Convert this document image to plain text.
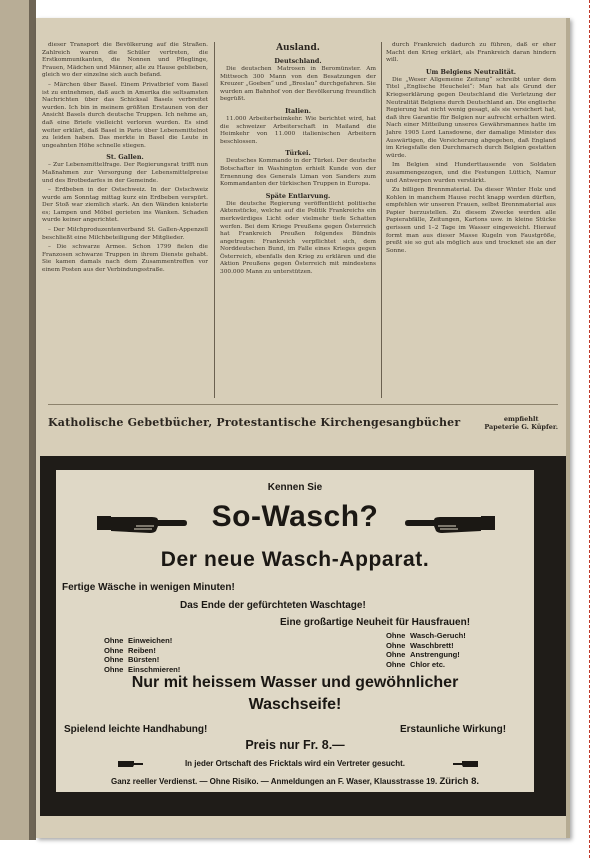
dieser Transport die Bevölkerung auf die Straßen. Zahlreich waren die Schüler vertreten, die Erstkommunikanten, die Nonnen und Pfleglinge, Frauen, Mädchen und Männer, alle zu Hause geblieben, gleich wo der einzelne sich auch befand.

– Märchen über Basel. Einem Privatbrief vom Basel ist zu entnehmen, daß auch in Amerika die seltsamsten Nachrichten über das Schicksal Basels verbreitet wurden. Ich bin in meinem größten Erstaunen von der Ansicht Basels durch deutsche Truppen. Ich nehme an, daß eine Briefe vielleicht verloren wurden. Es sind weiter erklärt, daß Basel in Paris über Lebensmittelnot zu leiden haben. Das merkte in Basel die Leute in ungeahnten Höhe schnelle stiegen.

St. Gallen.

– Zur Lebensmittelfrage. Der Regierungsrat trifft nun Maßnahmen zur Versorgung der Lebensmittelpreise und des Brotbedarfes in der Gemeinde.

– Erdbeben in der Ostschweiz. In der Ostschweiz wurde am Sonntag mittag kurz ein Erdbeben verspürt. Der Stoß war ziemlich stark. An den Wänden knisterte es; Lampen und Möbel gerieten ins Wanken. Schaden wurde keiner angerichtet.

– Der Milchproduzentenverband St. Gallen-Appenzell beschließt eine Milchbeteiligung der Mitglieder.

– Die schwarze Armee. Schon 1799 fielen die Franzosen schwarze Truppen in ihrem Dienste gehabt. Sie kamen damals nach dem Zusammentreffen vor einem Posten aus der Verbindungsstraße.

Ausland.
Deutschland.

Die deutschen Matrosen in Beromünster. Am Mittwoch 300 Mann von den Besatzungen der Kreuzer „Goeben“ und „Breslau“ durchgefahren. Sie wurden am Bahnhof von der Bevölkerung freundlich begrüßt.

Italien.

11.000 Arbeiterheimkehr. Wie berichtet wird, hat die schweizer Arbeiterschaft in Mailand die Heimkehr von 11.000 italienischen Arbeitern beschlossen.

Türkei.

Deutsches Kommando in der Türkei. Der deutsche Botschafter in Washington erhielt Kunde von der Ernennung des Generals Liman von Sanders zum Kommandanten der türkischen Truppen in Europa.

Späte Entlarvung.

Die deutsche Regierung veröffentlicht politische Aktenstücke, welche auf die Politik Frankreichs ein merkwürdiges Licht oder vielmehr tiefe Schatten werfen. Bei dem Kriege Preußens gegen Österreich hat Frankreich Preußen folgendes Bündnis angetragen: Frankreich verpflichtet sich, dem Norddeutschen Bund, im Falle eines Krieges gegen Österreich, ebenfalls den Krieg zu erklären und die Aktion Preußens gegen Österreich mit mindestens 300.000 Mann zu unterstützen.

durch Frankreich dadurch zu führen, daß er eher Macht den Krieg erklärt, als Frankreich daran hindern will.

Um Belgiens Neutralität.

Die „Weser Allgemeine Zeitung“ schreibt unter dem Titel „Englische Heuchelei“: Man hat als Grund der Kriegserklärung gegen Deutschland die Verletzung der Neutralität Belgiens durch Deutschland an. Die englische Regierung hat nicht wenig gesagt, als sie versichert hat, daß ihre Garantie für Belgien nur aufrecht erhalten wird. Nach einer Mitteilung unseres Gewährsmannes hatte im Jahre 1905 Lord Lansdowne, der damalige Minister des Auswärtigen, die Versicherung abgegeben, daß England im Kriegsfalle den Durchmarsch durch Belgien gestatten würde.

Im Belgien sind Hunderttausende von Soldaten zusammengezogen, und die Festungen Lüttich, Namur und Antwerpen wurden verstärkt.

Zu billigen Brennmaterial. Da dieser Winter Holz und Kohlen in manchem Hause recht knapp werden dürften, empfehlen wir unseren Frauen, selbst Brennmaterial aus Papier herzustellen. Zu diesem Zwecke werden alle Papierabfälle, Zeitungen, Kartons usw. in kleine Stücke gerissen und 1–2 Tage im Wasser eingeweicht. Hierauf formt man aus dieser Masse Kugeln von Faustgröße, preßt sie so gut als möglich aus und trocknet sie an der Sonne.

Katholische Gebetbücher, Protestantische Kirchengesangbücher	empfiehlt
Papeterie G. Küpfer.
Kennen Sie
So-Wasch?
Der neue Wasch-Apparat.
Fertige Wäsche in wenigen Minuten!
Das Ende der gefürchteten Waschtage!
Eine großartige Neuheit für Hausfrauen!
Ohne Einweichen!
Ohne Reiben!
Ohne Bürsten!
Ohne Einschmieren!
Ohne Wasch-Geruch!
Ohne Waschbrett!
Ohne Anstrengung!
Ohne Chlor etc.
Nur mit heissem Wasser und gewöhnlicher
Waschseife!
Spielend leichte Handhabung!	Erstaunliche Wirkung!
Preis nur Fr. 8.—
In jeder Ortschaft des Fricktals wird ein Vertreter gesucht.
Ganz reeller Verdienst. — Ohne Risiko. — Anmeldungen an F. Waser, Klausstrasse 19. Zürich 8.
